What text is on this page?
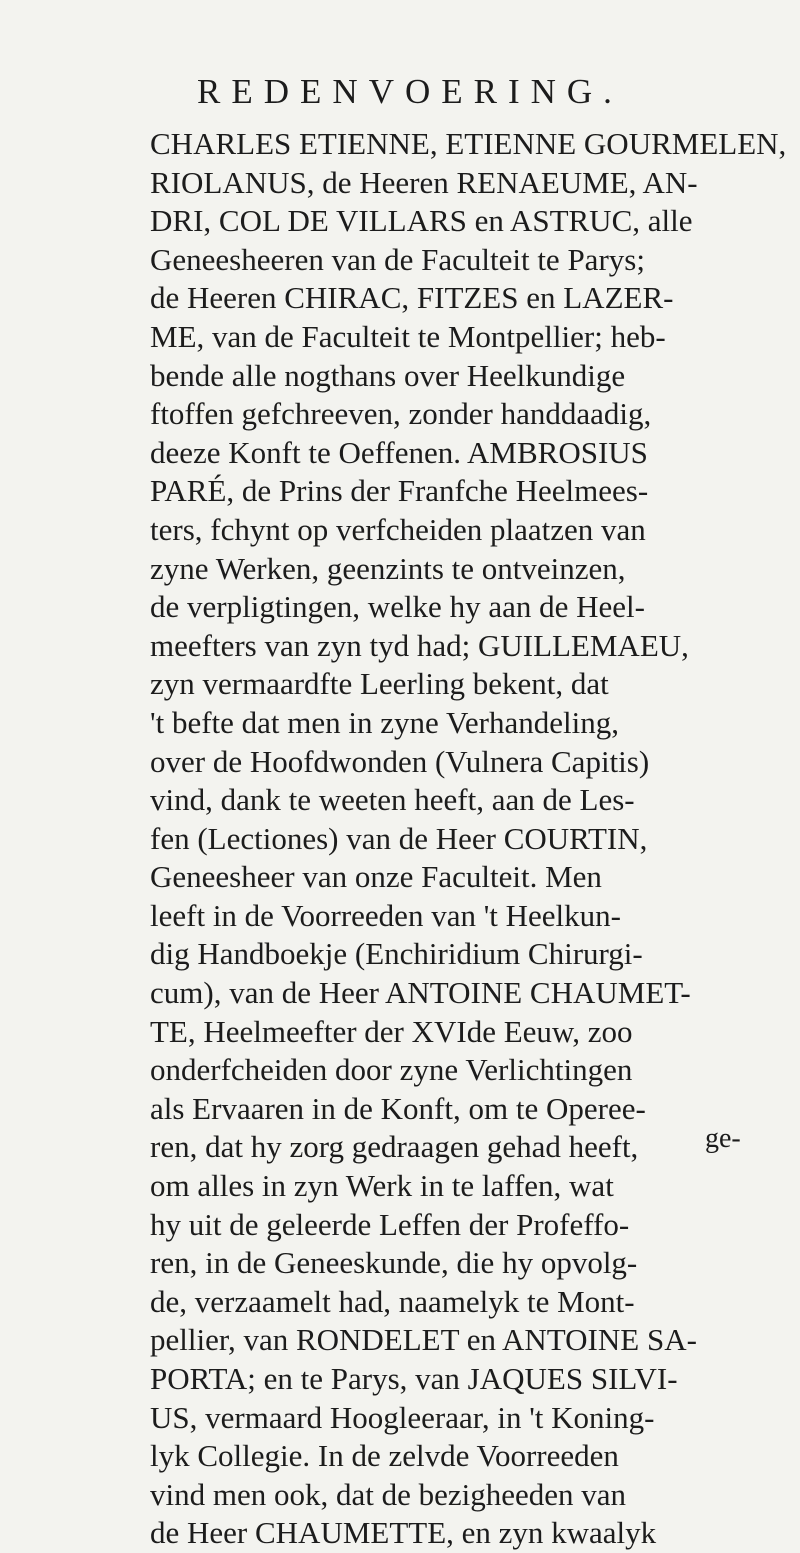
REDENVOERING.
CHARLES ETIENNE, ETIENNE GOURMELEN,
RIOLANUS, de Heeren RENAEUME, AN-
DRI, COL DE VILLARS en ASTRUC, alle
Geneesheeren van de Faculteit te Parys;
de Heeren CHIRAC, FITZES en LAZER-
ME, van de Faculteit te Montpellier; heb-
bende alle nogthans over Heelkundige
ftoffen gefchreeven, zonder handdaadig,
deeze Konft te Oeffenen. AMBROSIUS
PARÉ, de Prins der Franfche Heelmees-
ters, fchynt op verfcheiden plaatzen van
zyne Werken, geenzints te ontveinzen,
de verpligtingen, welke hy aan de Heel-
meefters van zyn tyd had; GUILLEMAEU,
zyn vermaardfte Leerling bekent, dat
't befte dat men in zyne Verhandeling,
over de Hoofdwonden (Vulnera Capitis)
vind, dank te weeten heeft, aan de Les-
fen (Lectiones) van de Heer COURTIN,
Geneesheer van onze Faculteit. Men
leeft in de Voorreeden van 't Heelkun-
dig Handboekje (Enchiridium Chirurgi-
cum), van de Heer ANTOINE CHAUMET-
TE, Heelmeefter der XVIde Eeuw, zoo
onderfcheiden door zyne Verlichtingen
als Ervaaren in de Konft, om te Operee-
ren, dat hy zorg gedraagen gehad heeft,
om alles in zyn Werk in te laffen, wat
hy uit de geleerde Leffen der Profeffo-
ren, in de Geneeskunde, die hy opvolg-
de, verzaamelt had, naamelyk te Mont-
pellier, van RONDELET en ANTOINE SA-
PORTA; en te Parys, van JAQUES SILVI-
US, vermaard Hoogleeraar, in 't Koning-
lyk Collegie. In de zelvde Voorreeden
vind men ook, dat de bezigheeden van
de Heer CHAUMETTE, en zyn kwaalyk
ge-
